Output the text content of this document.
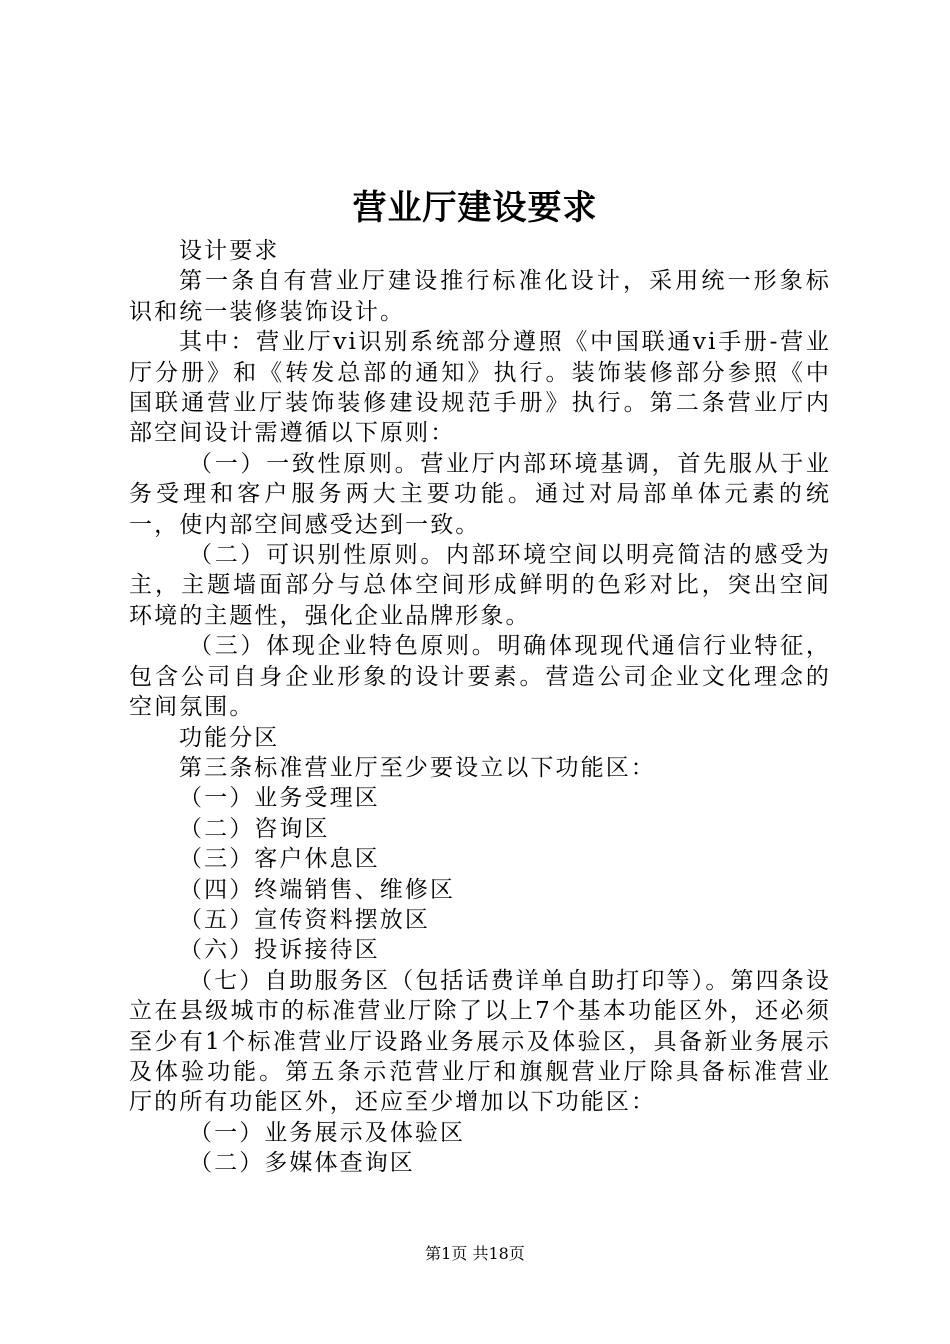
营业厅建设要求

设计要求

第一条自有营业厅建设推行标准化设计，采用统一形象标识和统一装修装饰设计。

其中：营业厅vi识别系统部分遵照《中国联通vi手册-营业厅分册》和《转发总部的通知》执行。装饰装修部分参照《中国联通营业厅装饰装修建设规范手册》执行。第二条营业厅内部空间设计需遵循以下原则：

（一）一致性原则。营业厅内部环境基调，首先服从于业务受理和客户服务两大主要功能。通过对局部单体元素的统一，使内部空间感受达到一致。

（二）可识别性原则。内部环境空间以明亮简洁的感受为主，主题墙面部分与总体空间形成鲜明的色彩对比，突出空间环境的主题性，强化企业品牌形象。

（三）体现企业特色原则。明确体现现代通信行业特征，包含公司自身企业形象的设计要素。营造公司企业文化理念的空间氛围。

功能分区

第三条标准营业厅至少要设立以下功能区：

（一）业务受理区

（二）咨询区

（三）客户休息区

（四）终端销售、维修区

（五）宣传资料摆放区

（六）投诉接待区

（七）自助服务区（包括话费详单自助打印等）。第四条设立在县级城市的标准营业厅除了以上7个基本功能区外，还必须至少有1个标准营业厅设路业务展示及体验区，具备新业务展示及体验功能。第五条示范营业厅和旗舰营业厅除具备标准营业厅的所有功能区外，还应至少增加以下功能区：

（一）业务展示及体验区

（二）多媒体查询区

第1页 共18页
